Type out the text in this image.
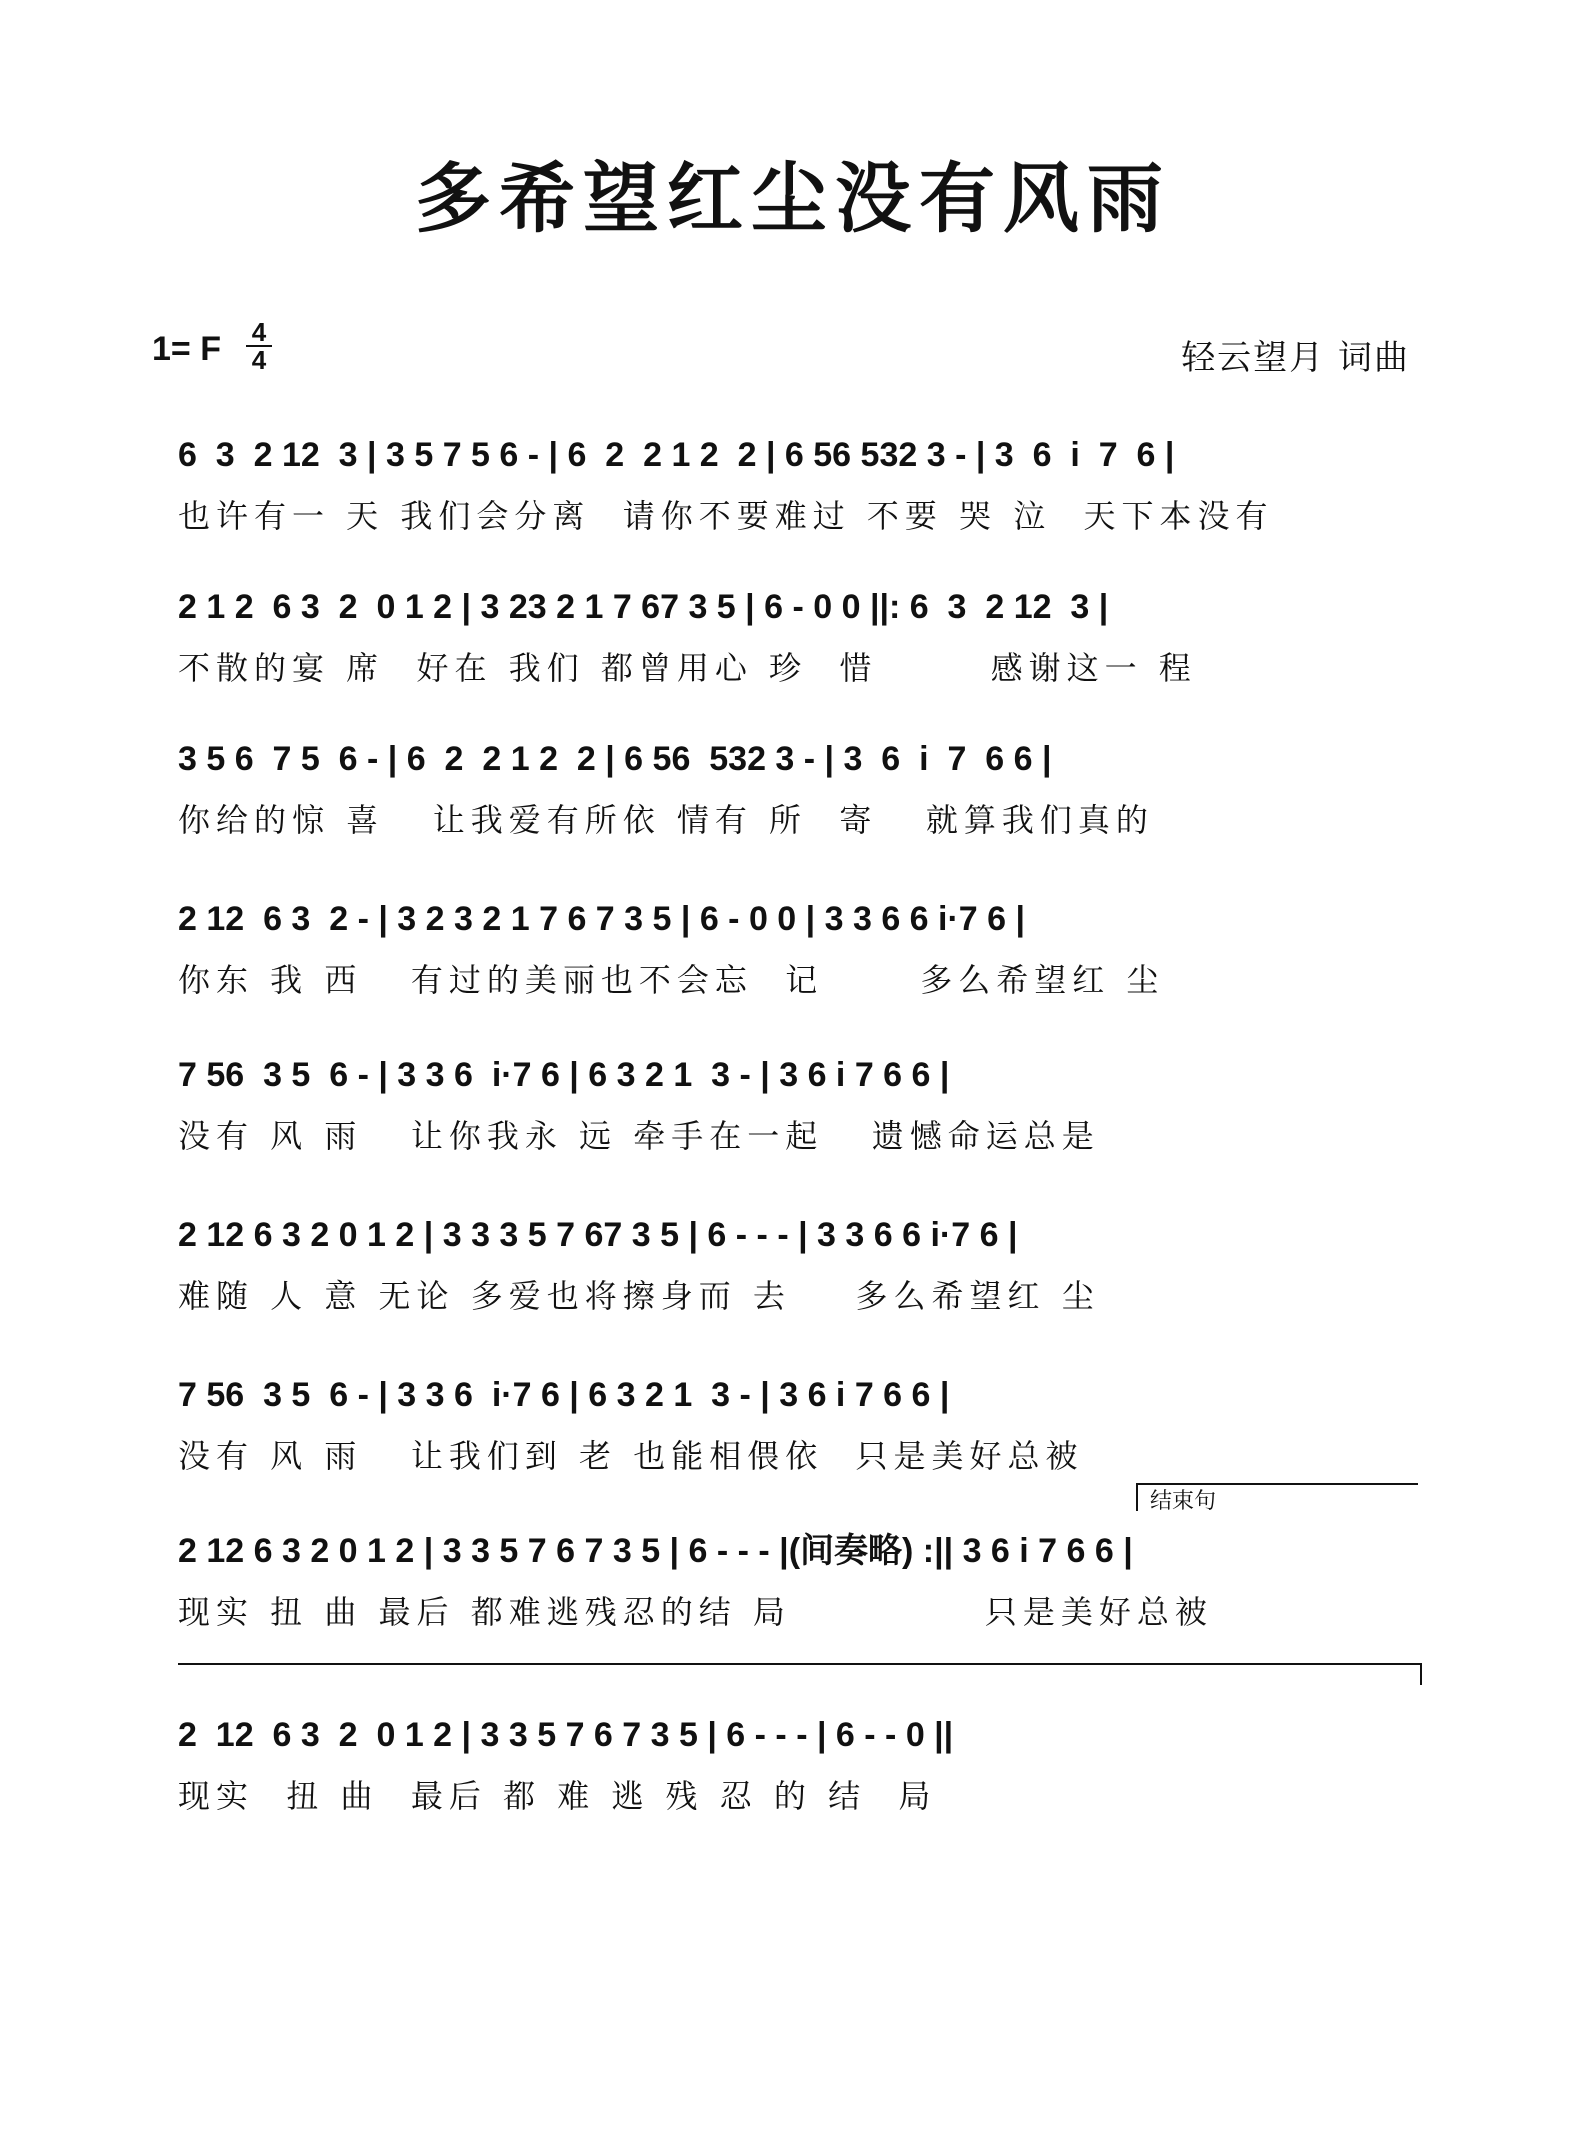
多希望红尘没有风雨
1= F 4
4	轻云望月 词曲
6  3  2 12  3 | 3 5 7 5 6 - | 6  2  2 1 2  2 | 6 56 532 3 - | 3  6  i  7  6 |
也许有一 天 我们会分离  请你不要难过 不要 哭 泣  天下本没有
2 1 2  6 3  2  0 1 2 | 3 23 2 1 7 67 3 5 | 6 - 0 0 ||: 6  3  2 12  3 |
不散的宴 席  好在 我们 都曾用心 珍  惜       感谢这一 程
3 5 6  7 5  6 - | 6  2  2 1 2  2 | 6 56  532 3 - | 3  6  i  7  6 6 |
你给的惊 喜   让我爱有所依 情有 所  寄   就算我们真的
2 12  6 3  2 - | 3 2 3 2 1 7 6 7 3 5 | 6 - 0 0 | 3 3 6 6 i·7 6 |
你东 我 西   有过的美丽也不会忘  记      多么希望红 尘
7 56  3 5  6 - | 3 3 6  i·7 6 | 6 3 2 1  3 - | 3 6 i 7 6 6 |
没有 风 雨   让你我永 远 牵手在一起   遗憾命运总是
2 12 6 3 2 0 1 2 | 3 3 3 5 7 67 3 5 | 6 - - - | 3 3 6 6 i·7 6 |
难随 人 意 无论 多爱也将擦身而 去    多么希望红 尘
7 56  3 5  6 - | 3 3 6  i·7 6 | 6 3 2 1  3 - | 3 6 i 7 6 6 |
没有 风 雨   让我们到 老 也能相偎依  只是美好总被
结束句
2 12 6 3 2 0 1 2 | 3 3 5 7 6 7 3 5 | 6 - - - |(间奏略) :|| 3 6 i 7 6 6 |
现实 扭 曲 最后 都难逃残忍的结 局            只是美好总被
2  12  6 3  2  0 1 2 | 3 3 5 7 6 7 3 5 | 6 - - - | 6 - - 0 ||
现实  扭 曲  最后 都 难 逃 残 忍 的 结  局
